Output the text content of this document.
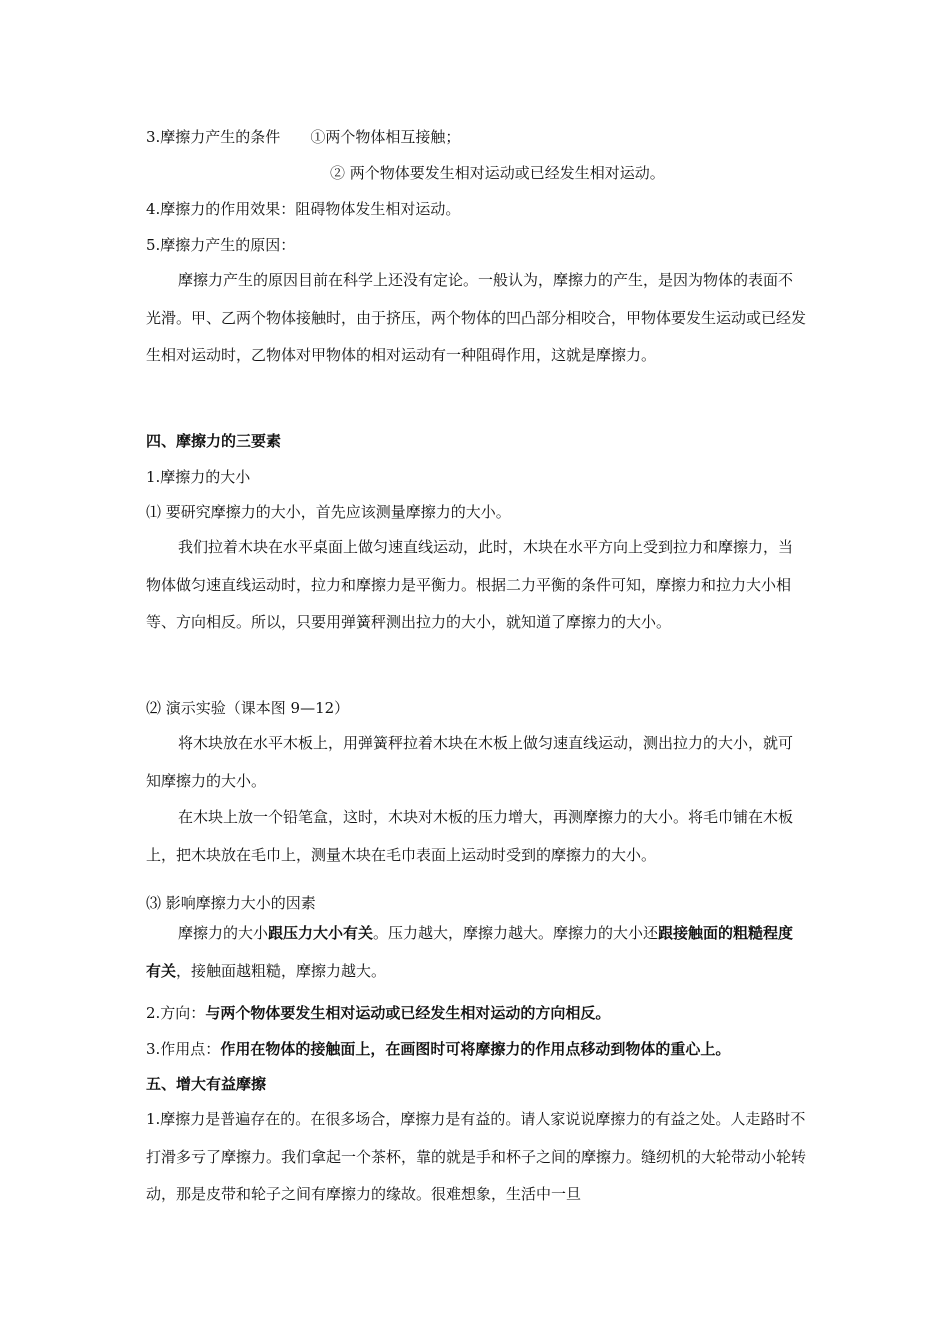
3.摩擦力产生的条件　　①两个物体相互接触；
② 两个物体要发生相对运动或已经发生相对运动。
4.摩擦力的作用效果：阻碍物体发生相对运动。
5.摩擦力产生的原因：
摩擦力产生的原因目前在科学上还没有定论。一般认为，摩擦力的产生，是因为物体的表面不光滑。甲、乙两个物体接触时，由于挤压，两个物体的凹凸部分相咬合，甲物体要发生运动或已经发生相对运动时，乙物体对甲物体的相对运动有一种阻碍作用，这就是摩擦力。
四、摩擦力的三要素
1.摩擦力的大小
⑴ 要研究摩擦力的大小，首先应该测量摩擦力的大小。
我们拉着木块在水平桌面上做匀速直线运动，此时，木块在水平方向上受到拉力和摩擦力，当物体做匀速直线运动时，拉力和摩擦力是平衡力。根据二力平衡的条件可知，摩擦力和拉力大小相等、方向相反。所以，只要用弹簧秤测出拉力的大小，就知道了摩擦力的大小。
⑵ 演示实验（课本图 9—12）
将木块放在水平木板上，用弹簧秤拉着木块在木板上做匀速直线运动，测出拉力的大小，就可知摩擦力的大小。
在木块上放一个铅笔盒，这时，木块对木板的压力增大，再测摩擦力的大小。将毛巾铺在木板上，把木块放在毛巾上，测量木块在毛巾表面上运动时受到的摩擦力的大小。
⑶ 影响摩擦力大小的因素
摩擦力的大小跟压力大小有关。压力越大，摩擦力越大。摩擦力的大小还跟接触面的粗糙程度有关，接触面越粗糙，摩擦力越大。
2.方向：与两个物体要发生相对运动或已经发生相对运动的方向相反。
3.作用点：作用在物体的接触面上，在画图时可将摩擦力的作用点移动到物体的重心上。
五、增大有益摩擦
1.摩擦力是普遍存在的。在很多场合，摩擦力是有益的。请人家说说摩擦力的有益之处。人走路时不打滑多亏了摩擦力。我们拿起一个茶杯，靠的就是手和杯子之间的摩擦力。缝纫机的大轮带动小轮转动，那是皮带和轮子之间有摩擦力的缘故。很难想象，生活中一旦
